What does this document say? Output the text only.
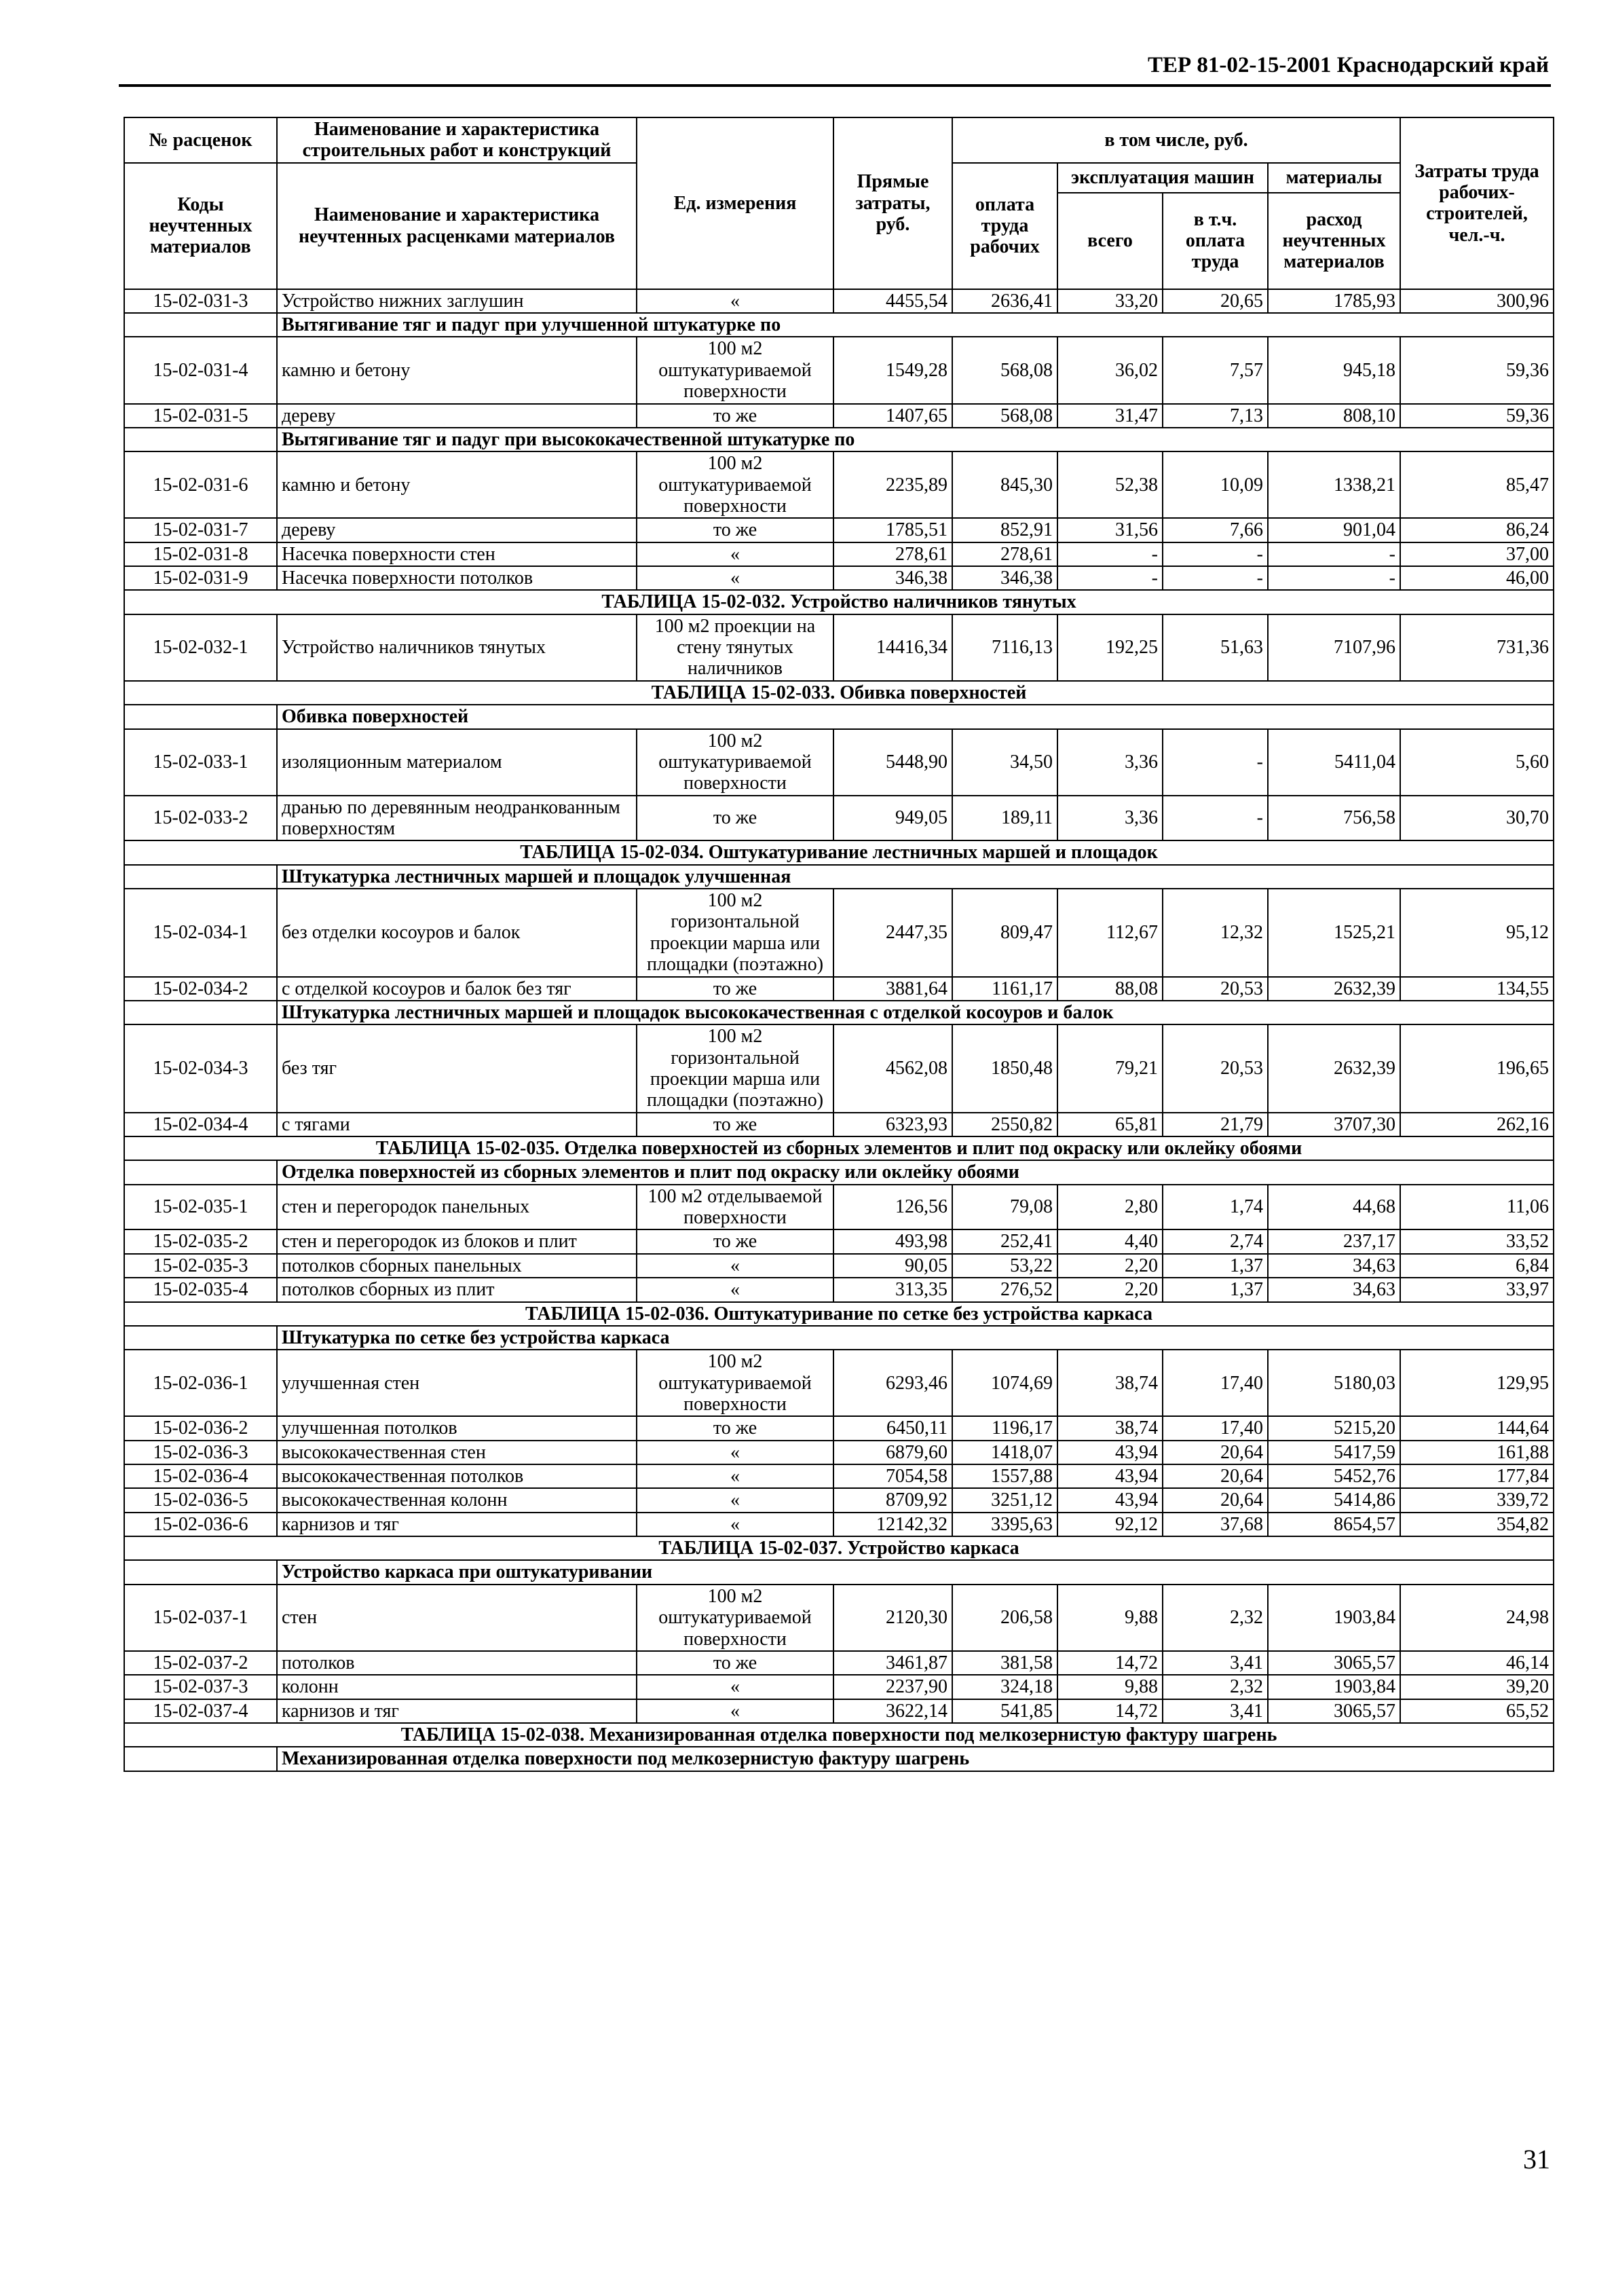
ТЕР 81-02-15-2001 Краснодарский край
№ расценок	Наименование и характеристика строительных работ и конструкций	Ед. измерения	Прямые затраты, руб.	в том числе, руб.				Затраты труда рабочих-строителей, чел.-ч.
Коды неучтенных материалов	Наименование и характеристика неучтенных расценками материалов			оплата труда рабочих	эксплуатация машин		материалы	
					всего	в т.ч. оплата труда	расход неучтенных материалов	

15-02-031-3	Устройство нижних заглушин	«	4455,54	2636,41	33,20	20,65	1785,93	300,96
	Вытягивание тяг и падуг при улучшенной штукатурке по							
15-02-031-4	камню и бетону	100 м2 оштукатуриваемой поверхности	1549,28	568,08	36,02	7,57	945,18	59,36
15-02-031-5	дереву	то же	1407,65	568,08	31,47	7,13	808,10	59,36
	Вытягивание тяг и падуг при высококачественной штукатурке по							
15-02-031-6	камню и бетону	100 м2 оштукатуриваемой поверхности	2235,89	845,30	52,38	10,09	1338,21	85,47
15-02-031-7	дереву	то же	1785,51	852,91	31,56	7,66	901,04	86,24
15-02-031-8	Насечка поверхности стен	«	278,61	278,61	-	-	-	37,00
15-02-031-9	Насечка поверхности потолков	«	346,38	346,38	-	-	-	46,00
ТАБЛИЦА 15-02-032. Устройство наличников тянутых								
15-02-032-1	Устройство наличников тянутых	100 м2 проекции на стену тянутых наличников	14416,34	7116,13	192,25	51,63	7107,96	731,36
ТАБЛИЦА 15-02-033. Обивка поверхностей								
	Обивка поверхностей							
15-02-033-1	изоляционным материалом	100 м2 оштукатуриваемой поверхности	5448,90	34,50	3,36	-	5411,04	5,60
15-02-033-2	дранью по деревянным неодранкованным поверхностям	то же	949,05	189,11	3,36	-	756,58	30,70
ТАБЛИЦА 15-02-034. Оштукатуривание лестничных маршей и площадок								
	Штукатурка лестничных маршей и площадок улучшенная							
15-02-034-1	без отделки косоуров и балок	100 м2 горизонтальной проекции марша или площадки (поэтажно)	2447,35	809,47	112,67	12,32	1525,21	95,12
15-02-034-2	с отделкой косоуров и балок без тяг	то же	3881,64	1161,17	88,08	20,53	2632,39	134,55
	Штукатурка лестничных маршей и площадок высококачественная с отделкой косоуров и балок							
15-02-034-3	без тяг	100 м2 горизонтальной проекции марша или площадки (поэтажно)	4562,08	1850,48	79,21	20,53	2632,39	196,65
15-02-034-4	с тягами	то же	6323,93	2550,82	65,81	21,79	3707,30	262,16
ТАБЛИЦА 15-02-035. Отделка поверхностей из сборных элементов и плит под окраску или оклейку обоями								
	Отделка поверхностей из сборных элементов и плит под окраску или оклейку обоями							
15-02-035-1	стен и перегородок панельных	100 м2 отделываемой поверхности	126,56	79,08	2,80	1,74	44,68	11,06
15-02-035-2	стен и перегородок из блоков и плит	то же	493,98	252,41	4,40	2,74	237,17	33,52
15-02-035-3	потолков сборных панельных	«	90,05	53,22	2,20	1,37	34,63	6,84
15-02-035-4	потолков сборных из плит	«	313,35	276,52	2,20	1,37	34,63	33,97
ТАБЛИЦА 15-02-036. Оштукатуривание по сетке без устройства каркаса								
	Штукатурка по сетке без устройства каркаса							
15-02-036-1	улучшенная стен	100 м2 оштукатуриваемой поверхности	6293,46	1074,69	38,74	17,40	5180,03	129,95
15-02-036-2	улучшенная потолков	то же	6450,11	1196,17	38,74	17,40	5215,20	144,64
15-02-036-3	высококачественная стен	«	6879,60	1418,07	43,94	20,64	5417,59	161,88
15-02-036-4	высококачественная потолков	«	7054,58	1557,88	43,94	20,64	5452,76	177,84
15-02-036-5	высококачественная колонн	«	8709,92	3251,12	43,94	20,64	5414,86	339,72
15-02-036-6	карнизов и тяг	«	12142,32	3395,63	92,12	37,68	8654,57	354,82
ТАБЛИЦА 15-02-037. Устройство каркаса								
	Устройство каркаса при оштукатуривании							
15-02-037-1	стен	100 м2 оштукатуриваемой поверхности	2120,30	206,58	9,88	2,32	1903,84	24,98
15-02-037-2	потолков	то же	3461,87	381,58	14,72	3,41	3065,57	46,14
15-02-037-3	колонн	«	2237,90	324,18	9,88	2,32	1903,84	39,20
15-02-037-4	карнизов и тяг	«	3622,14	541,85	14,72	3,41	3065,57	65,52
ТАБЛИЦА 15-02-038. Механизированная отделка поверхности под мелкозернистую фактуру шагрень								
	Механизированная отделка поверхности под мелкозернистую фактуру шагрень							
31
